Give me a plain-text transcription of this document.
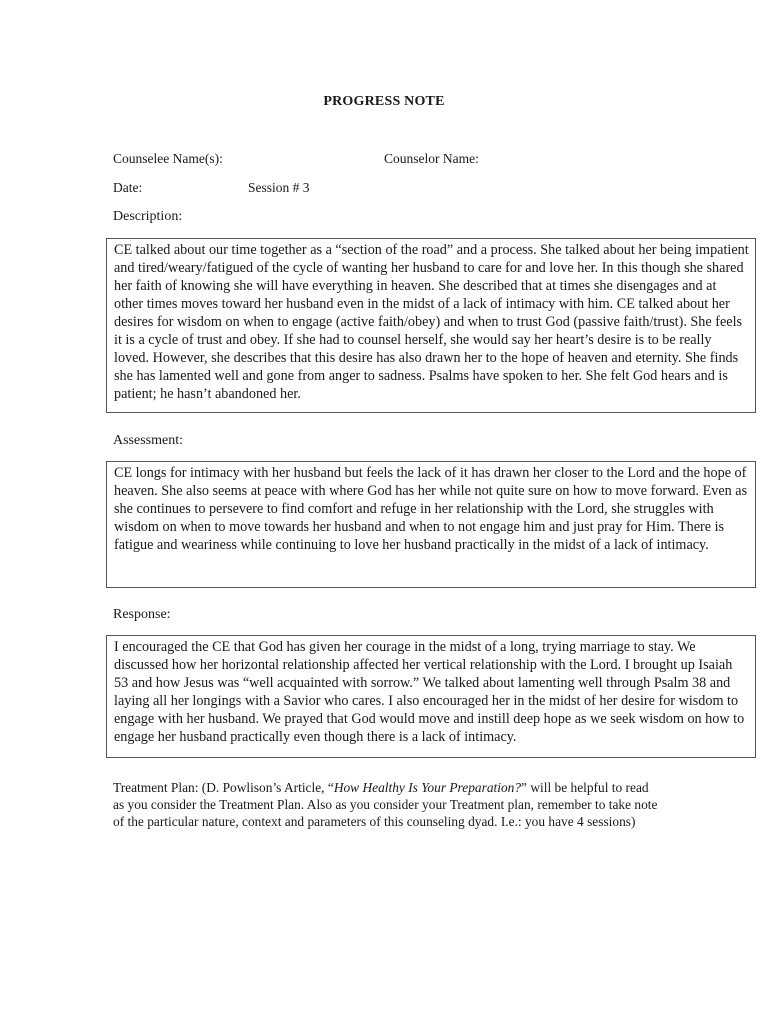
PROGRESS NOTE
Counselee Name(s):	Counselor Name:
Date:	Session # 3
Description:
CE talked about our time together as a “section of the road” and a process. She talked about her being impatient and tired/weary/fatigued of the cycle of wanting her husband to care for and love her. In this though she shared her faith of knowing she will have everything in heaven. She described that at times she disengages and at other times moves toward her husband even in the midst of a lack of intimacy with him. CE talked about her desires for wisdom on when to engage (active faith/obey) and when to trust God (passive faith/trust). She feels it is a cycle of trust and obey. If she had to counsel herself, she would say her heart’s desire is to be really loved. However, she describes that this desire has also drawn her to the hope of heaven and eternity. She finds she has lamented well and gone from anger to sadness. Psalms have spoken to her. She felt God hears and is patient; he hasn’t abandoned her.
Assessment:
CE longs for intimacy with her husband but feels the lack of it has drawn her closer to the Lord and the hope of heaven. She also seems at peace with where God has her while not quite sure on how to move forward. Even as she continues to persevere to find comfort and refuge in her relationship with the Lord, she struggles with wisdom on when to move towards her husband and when to not engage him and just pray for Him. There is fatigue and weariness while continuing to love her husband practically in the midst of a lack of intimacy.
Response:
I encouraged the CE that God has given her courage in the midst of a long, trying marriage to stay. We discussed how her horizontal relationship affected her vertical relationship with the Lord. I brought up Isaiah 53 and how Jesus was “well acquainted with sorrow.” We talked about lamenting well through Psalm 38 and laying all her longings with a Savior who cares. I also encouraged her in the midst of her desire for wisdom to engage with her husband. We prayed that God would move and instill deep hope as we seek wisdom on how to engage her husband practically even though there is a lack of intimacy.
Treatment Plan: (D. Powlison’s Article, “How Healthy Is Your Preparation?” will be helpful to read as you consider the Treatment Plan. Also as you consider your Treatment plan, remember to take note of the particular nature, context and parameters of this counseling dyad. I.e.: you have 4 sessions)
